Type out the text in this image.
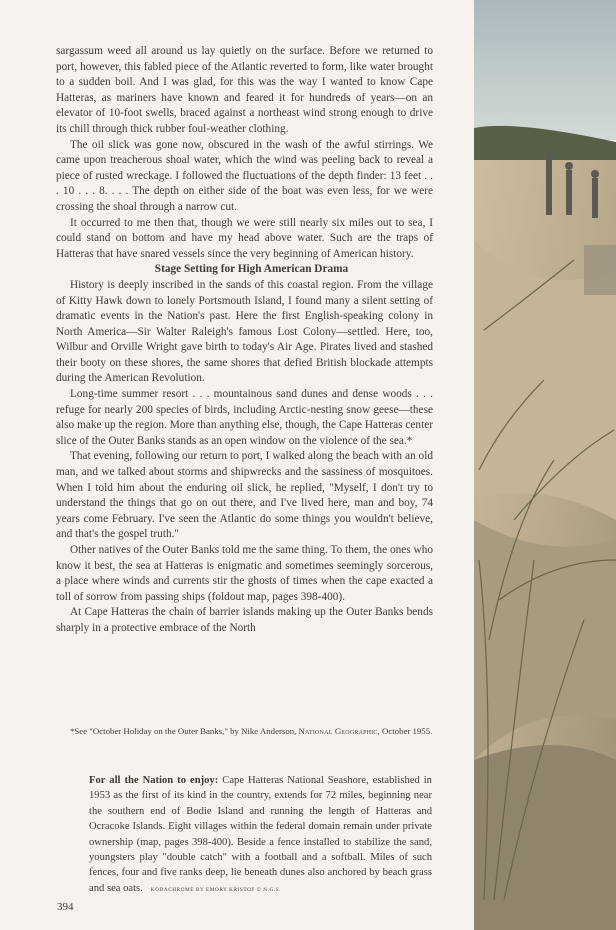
sargassum weed all around us lay quietly on the surface. Before we returned to port, however, this fabled piece of the Atlantic reverted to form, like water brought to a sudden boil. And I was glad, for this was the way I wanted to know Cape Hatteras, as mariners have known and feared it for hundreds of years—on an elevator of 10-foot swells, braced against a northeast wind strong enough to drive its chill through thick rubber foul-weather clothing.

The oil slick was gone now, obscured in the wash of the awful stirrings. We came upon treacherous shoal water, which the wind was peeling back to reveal a piece of rusted wreckage. I followed the fluctuations of the depth finder: 13 feet . . . 10 . . . 8. . . . The depth on either side of the boat was even less, for we were crossing the shoal through a narrow cut.

It occurred to me then that, though we were still nearly six miles out to sea, I could stand on bottom and have my head above water. Such are the traps of Hatteras that have snared vessels since the very beginning of American history.

Stage Setting for High American Drama

History is deeply inscribed in the sands of this coastal region. From the village of Kitty Hawk down to lonely Portsmouth Island, I found many a silent setting of dramatic events in the Nation's past. Here the first English-speaking colony in North America—Sir Walter Raleigh's famous Lost Colony—settled. Here, too, Wilbur and Orville Wright gave birth to today's Air Age. Pirates lived and stashed their booty on these shores, the same shores that defied British blockade attempts during the American Revolution.

Long-time summer resort . . . mountainous sand dunes and dense woods . . . refuge for nearly 200 species of birds, including Arctic-nesting snow geese—these also make up the region. More than anything else, though, the Cape Hatteras center slice of the Outer Banks stands as an open window on the violence of the sea.*

That evening, following our return to port, I walked along the beach with an old man, and we talked about storms and shipwrecks and the sassiness of mosquitoes. When I told him about the enduring oil slick, he replied, "Myself, I don't try to understand the things that go on out there, and I've lived here, man and boy, 74 years come February. I've seen the Atlantic do some things you wouldn't believe, and that's the gospel truth."

Other natives of the Outer Banks told me the same thing. To them, the ones who know it best, the sea at Hatteras is enigmatic and sometimes seemingly sorcerous, a place where winds and currents stir the ghosts of times when the cape exacted a toll of sorrow from passing ships (foldout map, pages 398-400).

At Cape Hatteras the chain of barrier islands making up the Outer Banks bends sharply in a protective embrace of the North

*See "October Holiday on the Outer Banks," by Nike Anderson, National Geographic, October 1955.
For all the Nation to enjoy: Cape Hatteras National Seashore, established in 1953 as the first of its kind in the country, extends for 72 miles, beginning near the southern end of Bodie Island and running the length of Hatteras and Ocracoke Islands. Eight villages within the federal domain remain under private ownership (map, pages 398-400). Beside a fence installed to stabilize the sand, youngsters play "double catch" with a football and a softball. Miles of such fences, four and five ranks deep, lie beneath dunes also anchored by beach grass and sea oats. KODACHROME BY EMORY KRISTOF © N.G.S.
394
